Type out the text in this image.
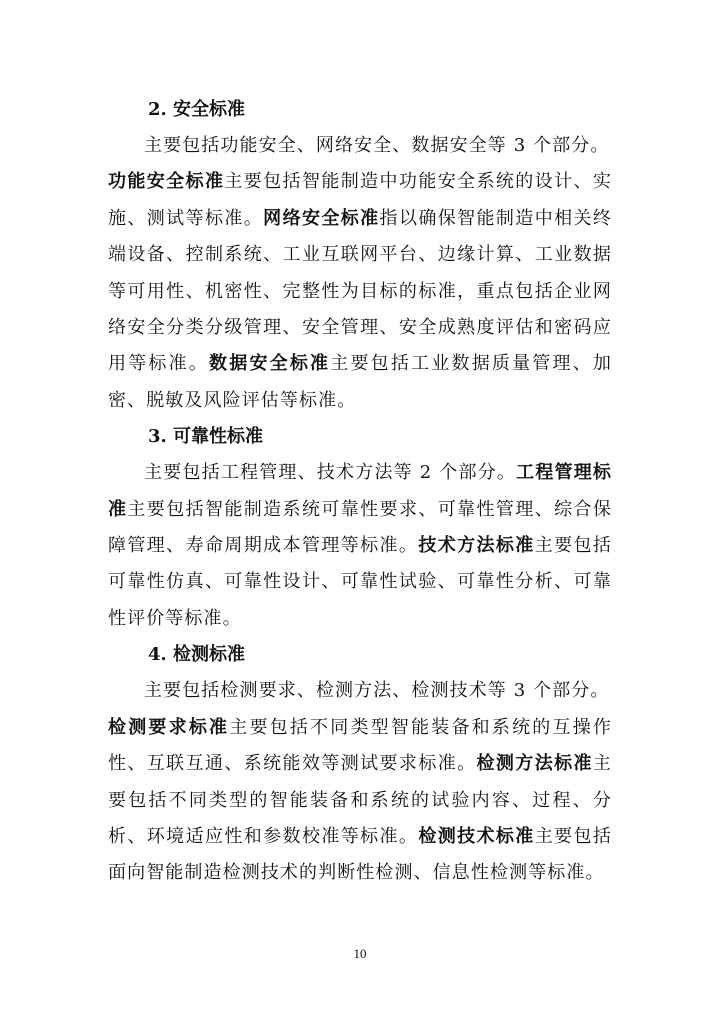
2. 安全标准

主要包括功能安全、网络安全、数据安全等 3 个部分。

功能安全标准主要包括智能制造中功能安全系统的设计、实施、测试等标准。网络安全标准指以确保智能制造中相关终端设备、控制系统、工业互联网平台、边缘计算、工业数据等可用性、机密性、完整性为目标的标准，重点包括企业网络安全分类分级管理、安全管理、安全成熟度评估和密码应用等标准。数据安全标准主要包括工业数据质量管理、加密、脱敏及风险评估等标准。

3. 可靠性标准

主要包括工程管理、技术方法等 2 个部分。工程管理标准主要包括智能制造系统可靠性要求、可靠性管理、综合保障管理、寿命周期成本管理等标准。技术方法标准主要包括可靠性仿真、可靠性设计、可靠性试验、可靠性分析、可靠性评价等标准。

4. 检测标准

主要包括检测要求、检测方法、检测技术等 3 个部分。

检测要求标准主要包括不同类型智能装备和系统的互操作性、互联互通、系统能效等测试要求标准。检测方法标准主要包括不同类型的智能装备和系统的试验内容、过程、分析、环境适应性和参数校准等标准。检测技术标准主要包括面向智能制造检测技术的判断性检测、信息性检测等标准。

10
